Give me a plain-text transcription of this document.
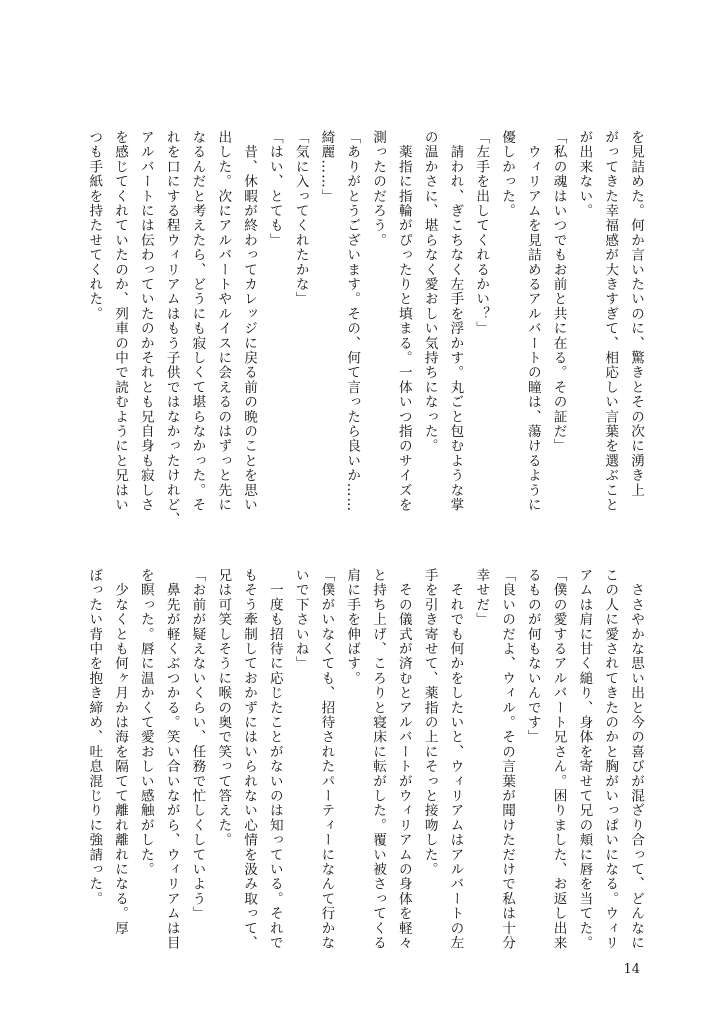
を見詰めた。何か言いたいのに、驚きとその次に湧き上
がってきた幸福感が大きすぎて、相応しい言葉を選ぶこと
が出来ない。
「私の魂はいつでもお前と共に在る。その証だ」
　ウィリアムを見詰めるアルバートの瞳は、蕩けるように
優しかった。
「左手を出してくれるかい？」
　請われ、ぎこちなく左手を浮かす。丸ごと包むような掌
の温かさに、堪らなく愛おしい気持ちになった。
　薬指に指輪がぴったりと填まる。一体いつ指のサイズを
測ったのだろう。
「ありがとうございます。その、何て言ったら良いか……
綺麗……」
「気に入ってくれたかな」
「はい、とても」
　昔、休暇が終わってカレッジに戻る前の晩のことを思い
出した。次にアルバートやルイスに会えるのはずっと先に
なるんだと考えたら、どうにも寂しくて堪らなかった。そ
れを口にする程ウィリアムはもう子供ではなかったけれど、
アルバートには伝わっていたのかそれとも兄自身も寂しさ
を感じてくれていたのか、列車の中で読むようにと兄はい
つも手紙を持たせてくれた。
　ささやかな思い出と今の喜びが混ざり合って、どんなに
この人に愛されてきたのかと胸がいっぱいになる。ウィリ
アムは肩に甘く縋り、身体を寄せて兄の頬に唇を当てた。
「僕の愛するアルバート兄さん。困りました、お返し出来
るものが何もないんです」
「良いのだよ、ウィル。その言葉が聞けただけで私は十分
幸せだ」
　それでも何かをしたいと、ウィリアムはアルバートの左
手を引き寄せて、薬指の上にそっと接吻した。
　その儀式が済むとアルバートがウィリアムの身体を軽々
と持ち上げ、ころりと寝床に転がした。覆い被さってくる
肩に手を伸ばす。
「僕がいなくても、招待されたパーティーになんて行かな
いで下さいね」
　一度も招待に応じたことがないのは知っている。それで
もそう牽制しておかずにはいられない心情を汲み取って、
兄は可笑しそうに喉の奥で笑って答えた。
「お前が疑えないくらい、任務で忙しくしていよう」
　鼻先が軽くぶつかる。笑い合いながら、ウィリアムは目
を瞑った。唇に温かくて愛おしい感触がした。
　少なくとも何ヶ月かは海を隔てて離れ離れになる。厚
ぼったい背中を抱き締め、吐息混じりに強請った。
14
